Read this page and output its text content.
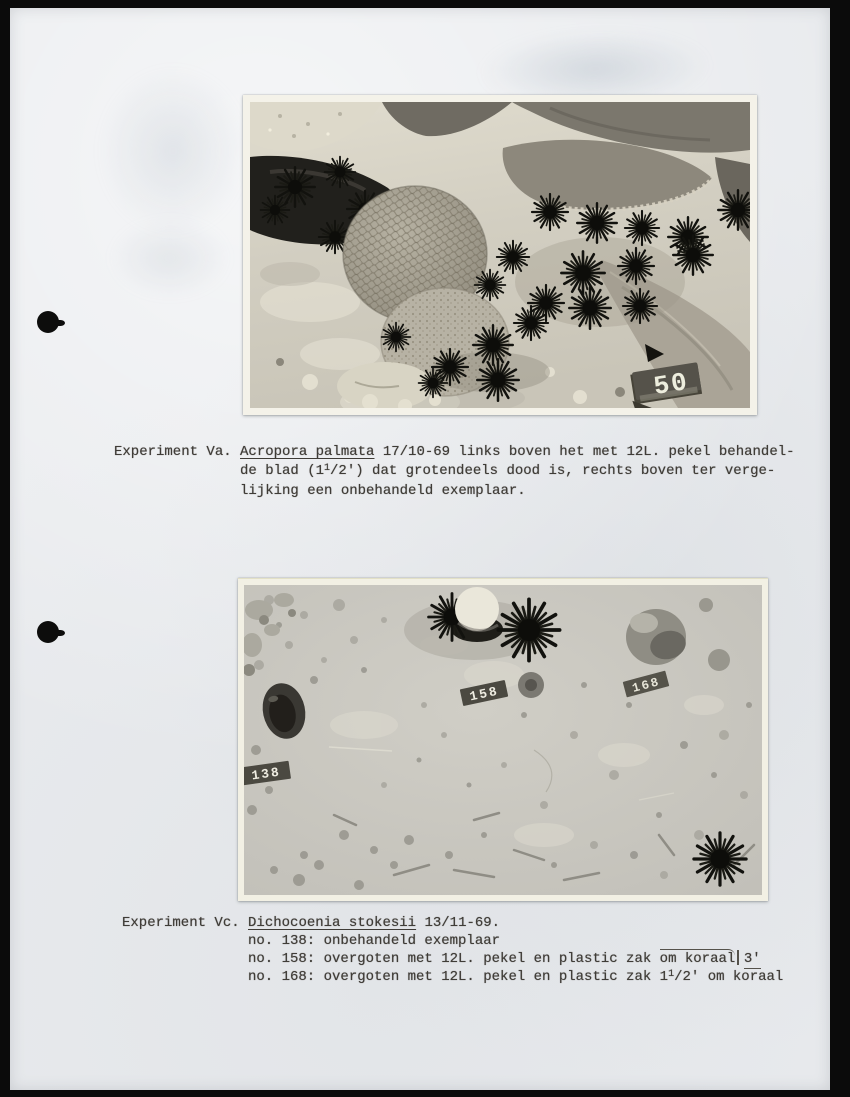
50
Experiment Va. Acropora palmata 17/10-69 links boven het met 12L. pekel behandel-
de blad $(1^1/2')$ dat grotendeels dood is, rechts boven ter verge-
lijking een onbehandeld exemplaar.
138
158	168
Experiment Vc. Dichocoenia stokesii 13/11-69.
no. 138: onbehandeld exemplaar
no. 158: overgoten met 12L. pekel en plastic zak om koraal 3'
no. 168: overgoten met 12L. pekel en plastic zak $1^1/2'$ om koraal
